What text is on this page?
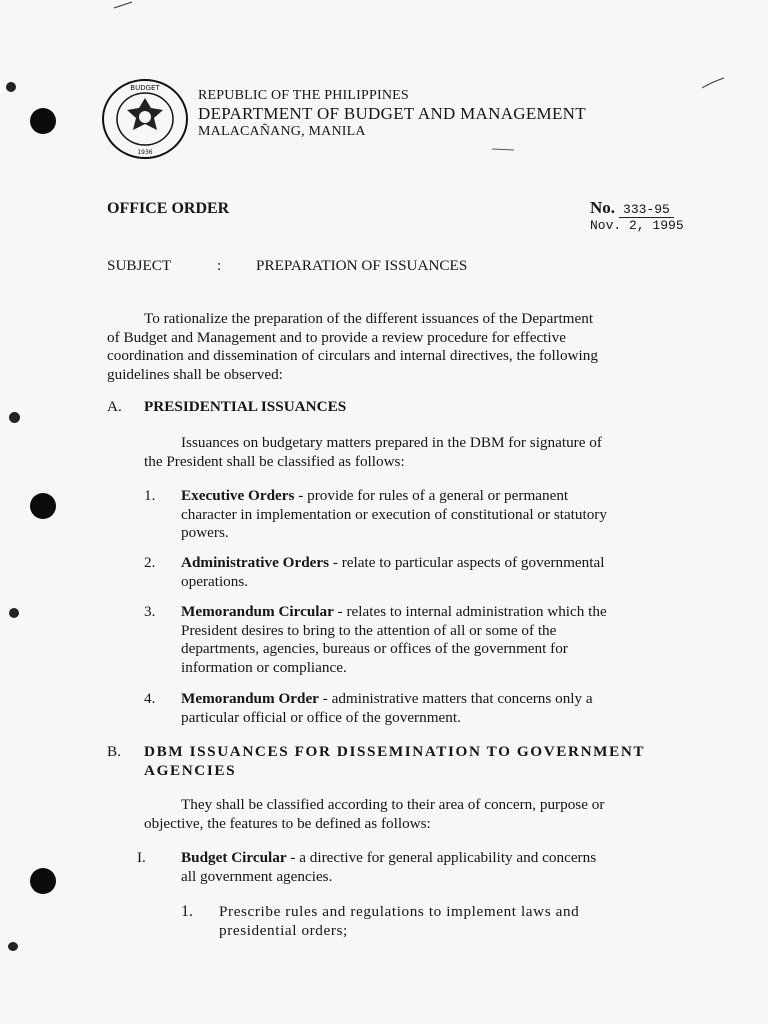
BUDGET
1936
REPUBLIC OF THE PHILIPPINES
DEPARTMENT OF BUDGET AND MANAGEMENT
MALACAÑANG, MANILA
OFFICE ORDER	No. 333-95
Nov. 2, 1995
SUBJECT	: PREPARATION OF ISSUANCES
To rationalize the preparation of the different issuances of the Department
of Budget and Management and to provide a review procedure for effective
coordination and dissemination of circulars and internal directives, the following
guidelines shall be observed:
A. PRESIDENTIAL ISSUANCES
Issuances on budgetary matters prepared in the DBM for signature of
the President shall be classified as follows:
1. Executive Orders - provide for rules of a general or permanent
character in implementation or execution of constitutional or statutory
powers.
2. Administrative Orders - relate to particular aspects of governmental
operations.
3. Memorandum Circular - relates to internal administration which the
President desires to bring to the attention of all or some of the
departments, agencies, bureaus or offices of the government for
information or compliance.
4. Memorandum Order - administrative matters that concerns only a
particular official or office of the government.
B. DBM ISSUANCES FOR DISSEMINATION TO GOVERNMENT
AGENCIES
They shall be classified according to their area of concern, purpose or
objective, the features to be defined as follows:
I. Budget Circular - a directive for general applicability and concerns
all government agencies.
1. Prescribe rules and regulations to implement laws and
presidential orders;
